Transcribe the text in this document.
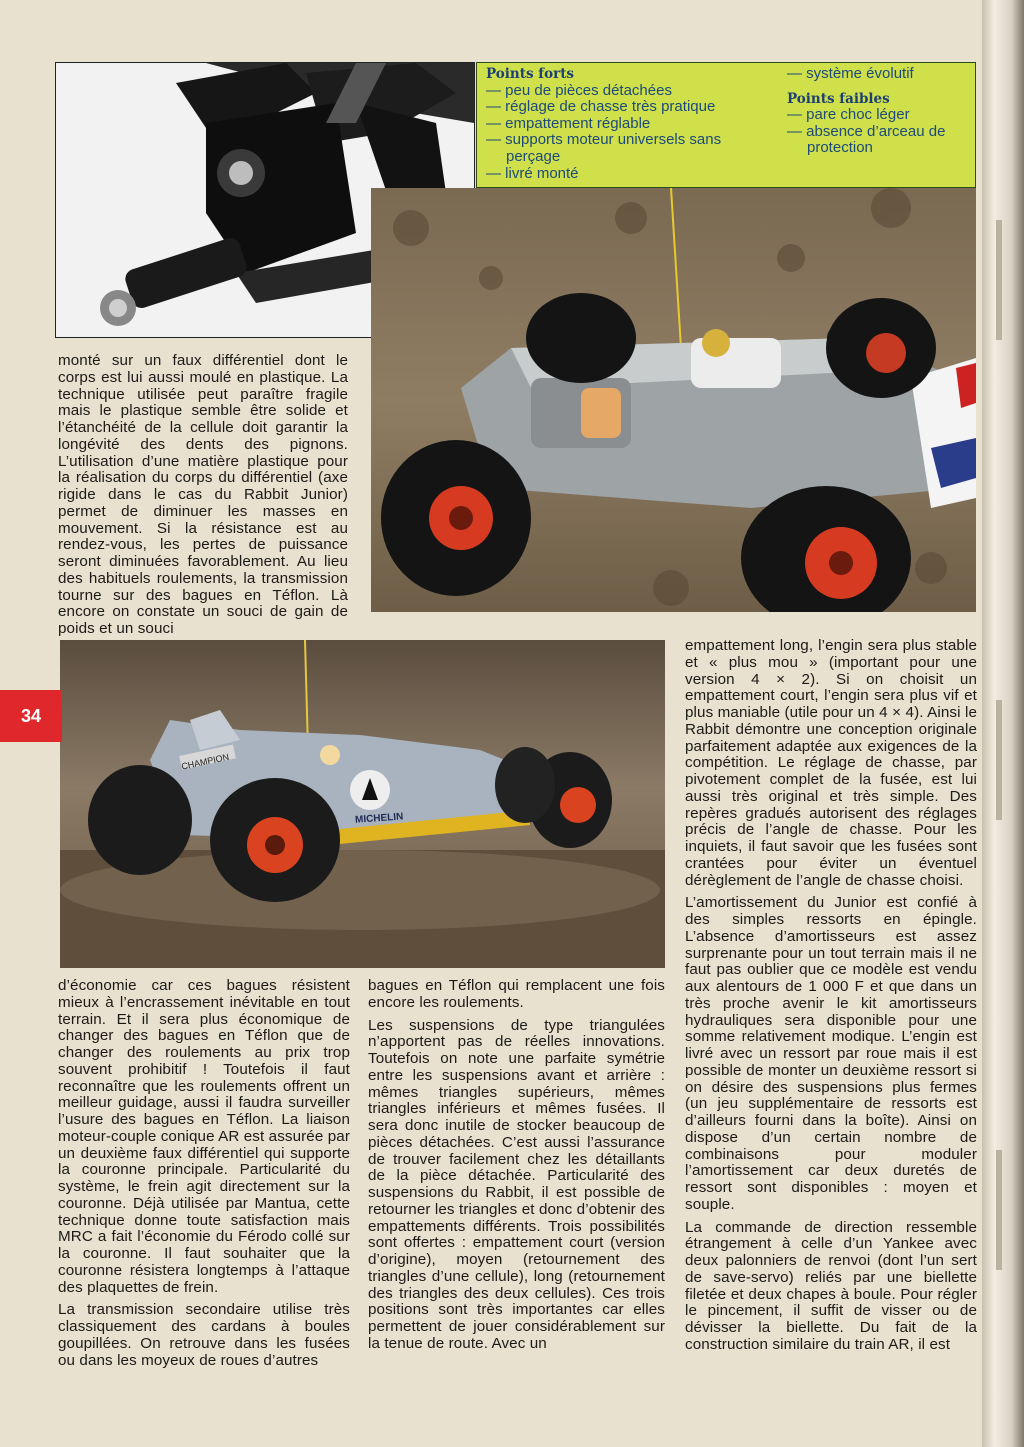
Points forts
— peu de pièces détachées
— réglage de chasse très pratique
— empattement réglable
— supports moteur universels sans perçage
— livré monté
— système évolutif
Points faibles
— pare choc léger
— absence d’arceau de protection

monté sur un faux différentiel dont le corps est lui aussi moulé en plastique. La technique utilisée peut paraître fragile mais le plastique semble être solide et l’étanchéité de la cellule doit garantir la longévité des dents des pignons. L’utilisation d’une matière plastique pour la réalisation du corps du différentiel (axe rigide dans le cas du Rabbit Junior) permet de diminuer les masses en mouvement. Si la résistance est au rendez-vous, les pertes de puissance seront diminuées favorablement. Au lieu des habituels roulements, la transmission tourne sur des bagues en Téflon. Là encore on constate un souci de gain de poids et un souci

CHAMPION
MICHELIN

d’économie car ces bagues résistent mieux à l’encrassement inévitable en tout terrain. Et il sera plus économique de changer des bagues en Téflon que de changer des roulements au prix trop souvent prohibitif ! Toutefois il faut reconnaître que les roulements offrent un meilleur guidage, aussi il faudra surveiller l’usure des bagues en Téflon. La liaison moteur-couple conique AR est assurée par un deuxième faux différentiel qui supporte la couronne principale. Particularité du système, le frein agit directement sur la couronne. Déjà utilisée par Mantua, cette technique donne toute satisfaction mais MRC a fait l’économie du Férodo collé sur la couronne. Il faut souhaiter que la couronne résistera longtemps à l’attaque des plaquettes de frein.

La transmission secondaire utilise très classiquement des cardans à boules goupillées. On retrouve dans les fusées ou dans les moyeux de roues d’autres

bagues en Téflon qui remplacent une fois encore les roulements.

Les suspensions de type triangulées n’apportent pas de réelles innovations. Toutefois on note une parfaite symétrie entre les suspensions avant et arrière : mêmes triangles supérieurs, mêmes triangles inférieurs et mêmes fusées. Il sera donc inutile de stocker beaucoup de pièces détachées. C’est aussi l’assurance de trouver facilement chez les détaillants de la pièce détachée. Particularité des suspensions du Rabbit, il est possible de retourner les triangles et donc d’obtenir des empattements différents. Trois possibilités sont offertes : empattement court (version d’origine), moyen (retournement des triangles d’une cellule), long (retournement des triangles des deux cellules). Ces trois positions sont très importantes car elles permettent de jouer considérablement sur la tenue de route. Avec un

empattement long, l’engin sera plus stable et « plus mou » (important pour une version 4 × 2). Si on choisit un empattement court, l’engin sera plus vif et plus maniable (utile pour un 4 × 4). Ainsi le Rabbit démontre une conception originale parfaitement adaptée aux exigences de la compétition. Le réglage de chasse, par pivotement complet de la fusée, est lui aussi très original et très simple. Des repères gradués autorisent des réglages précis de l’angle de chasse. Pour les inquiets, il faut savoir que les fusées sont crantées pour éviter un éventuel dérèglement de l’angle de chasse choisi.

L’amortissement du Junior est confié à des simples ressorts en épingle. L’absence d’amortisseurs est assez surprenante pour un tout terrain mais il ne faut pas oublier que ce modèle est vendu aux alentours de 1 000 F et que dans un très proche avenir le kit amortisseurs hydrauliques sera disponible pour une somme relativement modique. L’engin est livré avec un ressort par roue mais il est possible de monter un deuxième ressort si on désire des suspensions plus fermes (un jeu supplémentaire de ressorts est d’ailleurs fourni dans la boîte). Ainsi on dispose d’un certain nombre de combinaisons pour moduler l’amortissement car deux duretés de ressort sont disponibles : moyen et souple.

La commande de direction ressemble étrangement à celle d’un Yankee avec deux palonniers de renvoi (dont l’un sert de save-servo) reliés par une biellette filetée et deux chapes à boule. Pour régler le pincement, il suffit de visser ou de dévisser la biellette. Du fait de la construction similaire du train AR, il est

34
